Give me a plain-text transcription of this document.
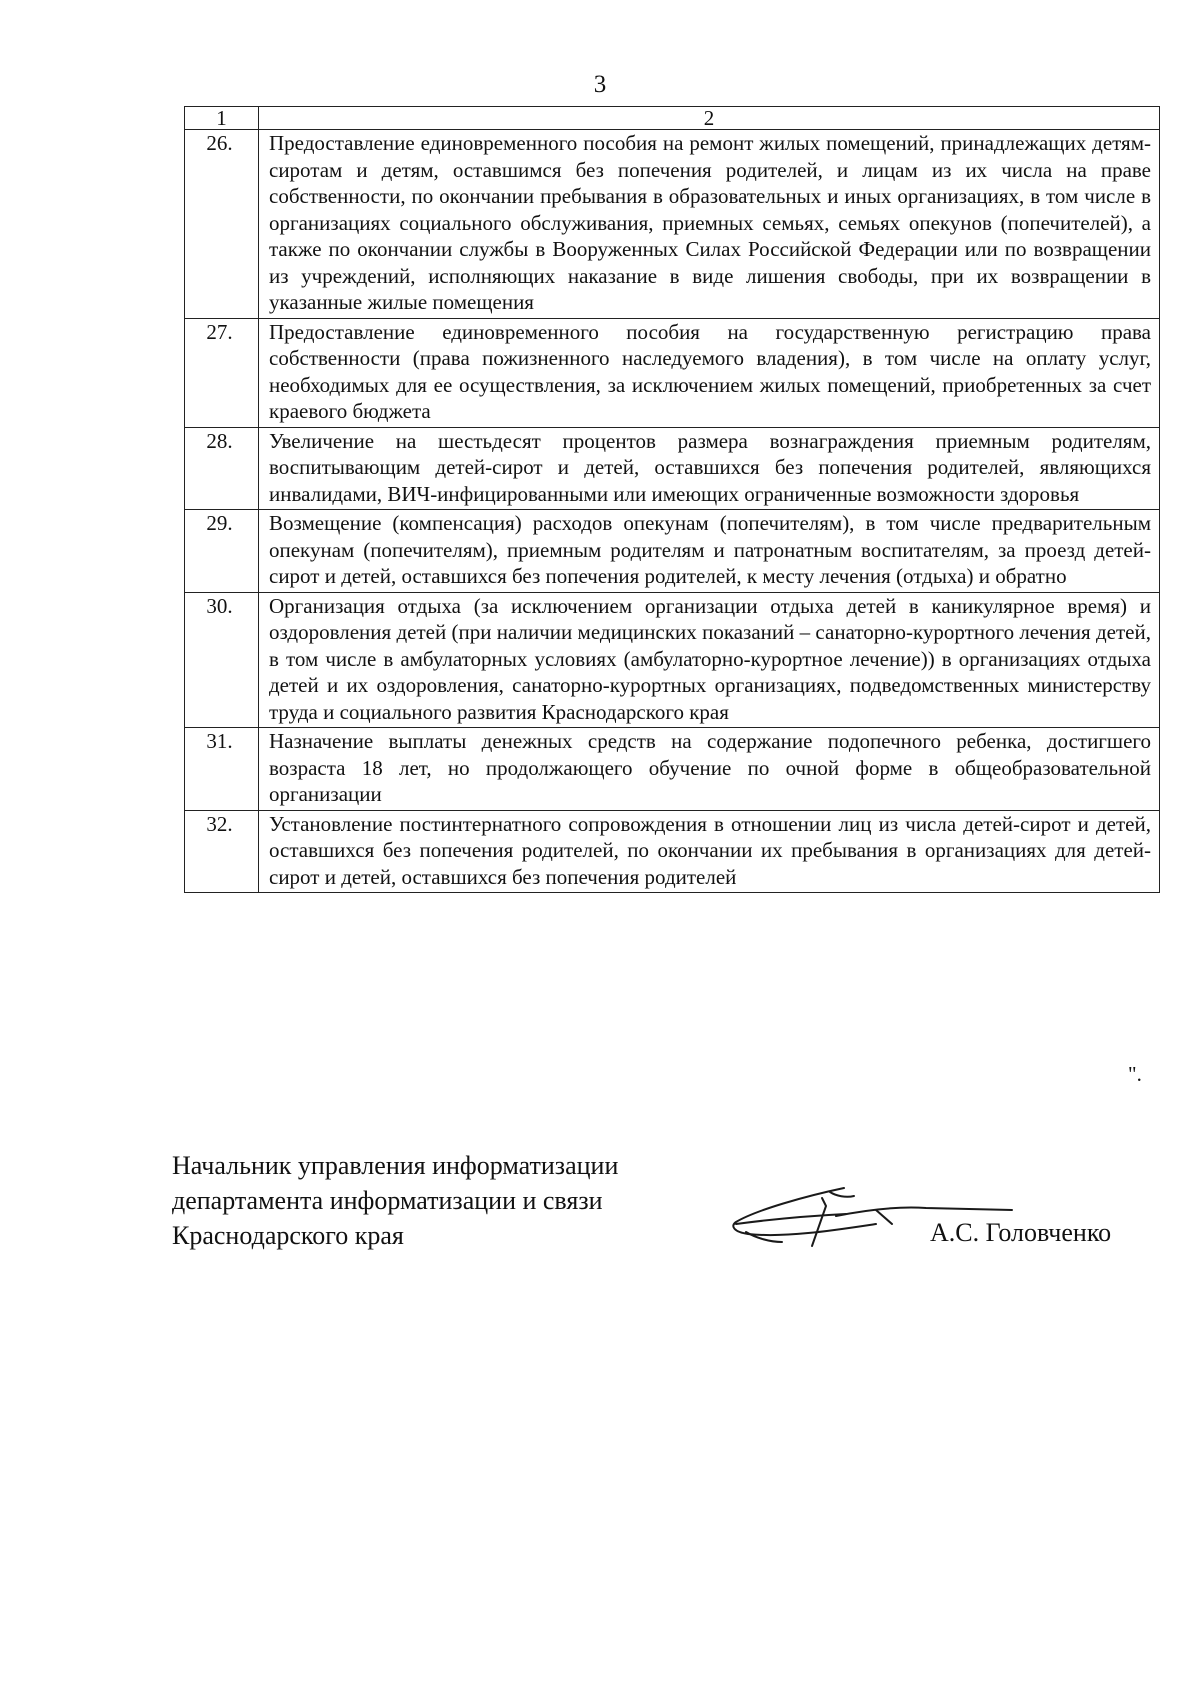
3
1	2
26.	Предоставление единовременного пособия на ремонт жилых помещений, принадлежащих детям-сиротам и детям, оставшимся без попечения родителей, и лицам из их числа на праве собственности, по окончании пребывания в образовательных и иных организациях, в том числе в организациях социального обслуживания, приемных семьях, семьях опекунов (попечителей), а также по окончании службы в Вооруженных Силах Российской Федерации или по возвращении из учреждений, исполняющих наказание в виде лишения свободы, при их возвращении в указанные жилые помещения
27.	Предоставление единовременного пособия на государственную регистрацию права собственности (права пожизненного наследуемого владения), в том числе на оплату услуг, необходимых для ее осуществления, за исключением жилых помещений, приобретенных за счет краевого бюджета
28.	Увеличение на шестьдесят процентов размера вознаграждения приемным родителям, воспитывающим детей-сирот и детей, оставшихся без попечения родителей, являющихся инвалидами, ВИЧ-инфицированными или имеющих ограниченные возможности здоровья
29.	Возмещение (компенсация) расходов опекунам (попечителям), в том числе предварительным опекунам (попечителям), приемным родителям и патронатным воспитателям, за проезд детей-сирот и детей, оставшихся без попечения родителей, к месту лечения (отдыха) и обратно
30.	Организация отдыха (за исключением организации отдыха детей в каникулярное время) и оздоровления детей (при наличии медицинских показаний – санаторно-курортного лечения детей, в том числе в амбулаторных условиях (амбулаторно-курортное лечение)) в организациях отдыха детей и их оздоровления, санаторно-курортных организациях, подведомственных министерству труда и социального развития Краснодарского края
31.	Назначение выплаты денежных средств на содержание подопечного ребенка, достигшего возраста 18 лет, но продолжающего обучение по очной форме в общеобразовательной организации
32.	Установление постинтернатного сопровождения в отношении лиц из числа детей-сирот и детей, оставшихся без попечения родителей, по окончании их пребывания в организациях для детей-сирот и детей, оставшихся без попечения родителей
".
Начальник управления информатизации
департамента информатизации и связи
Краснодарского края	А.С. Головченко
